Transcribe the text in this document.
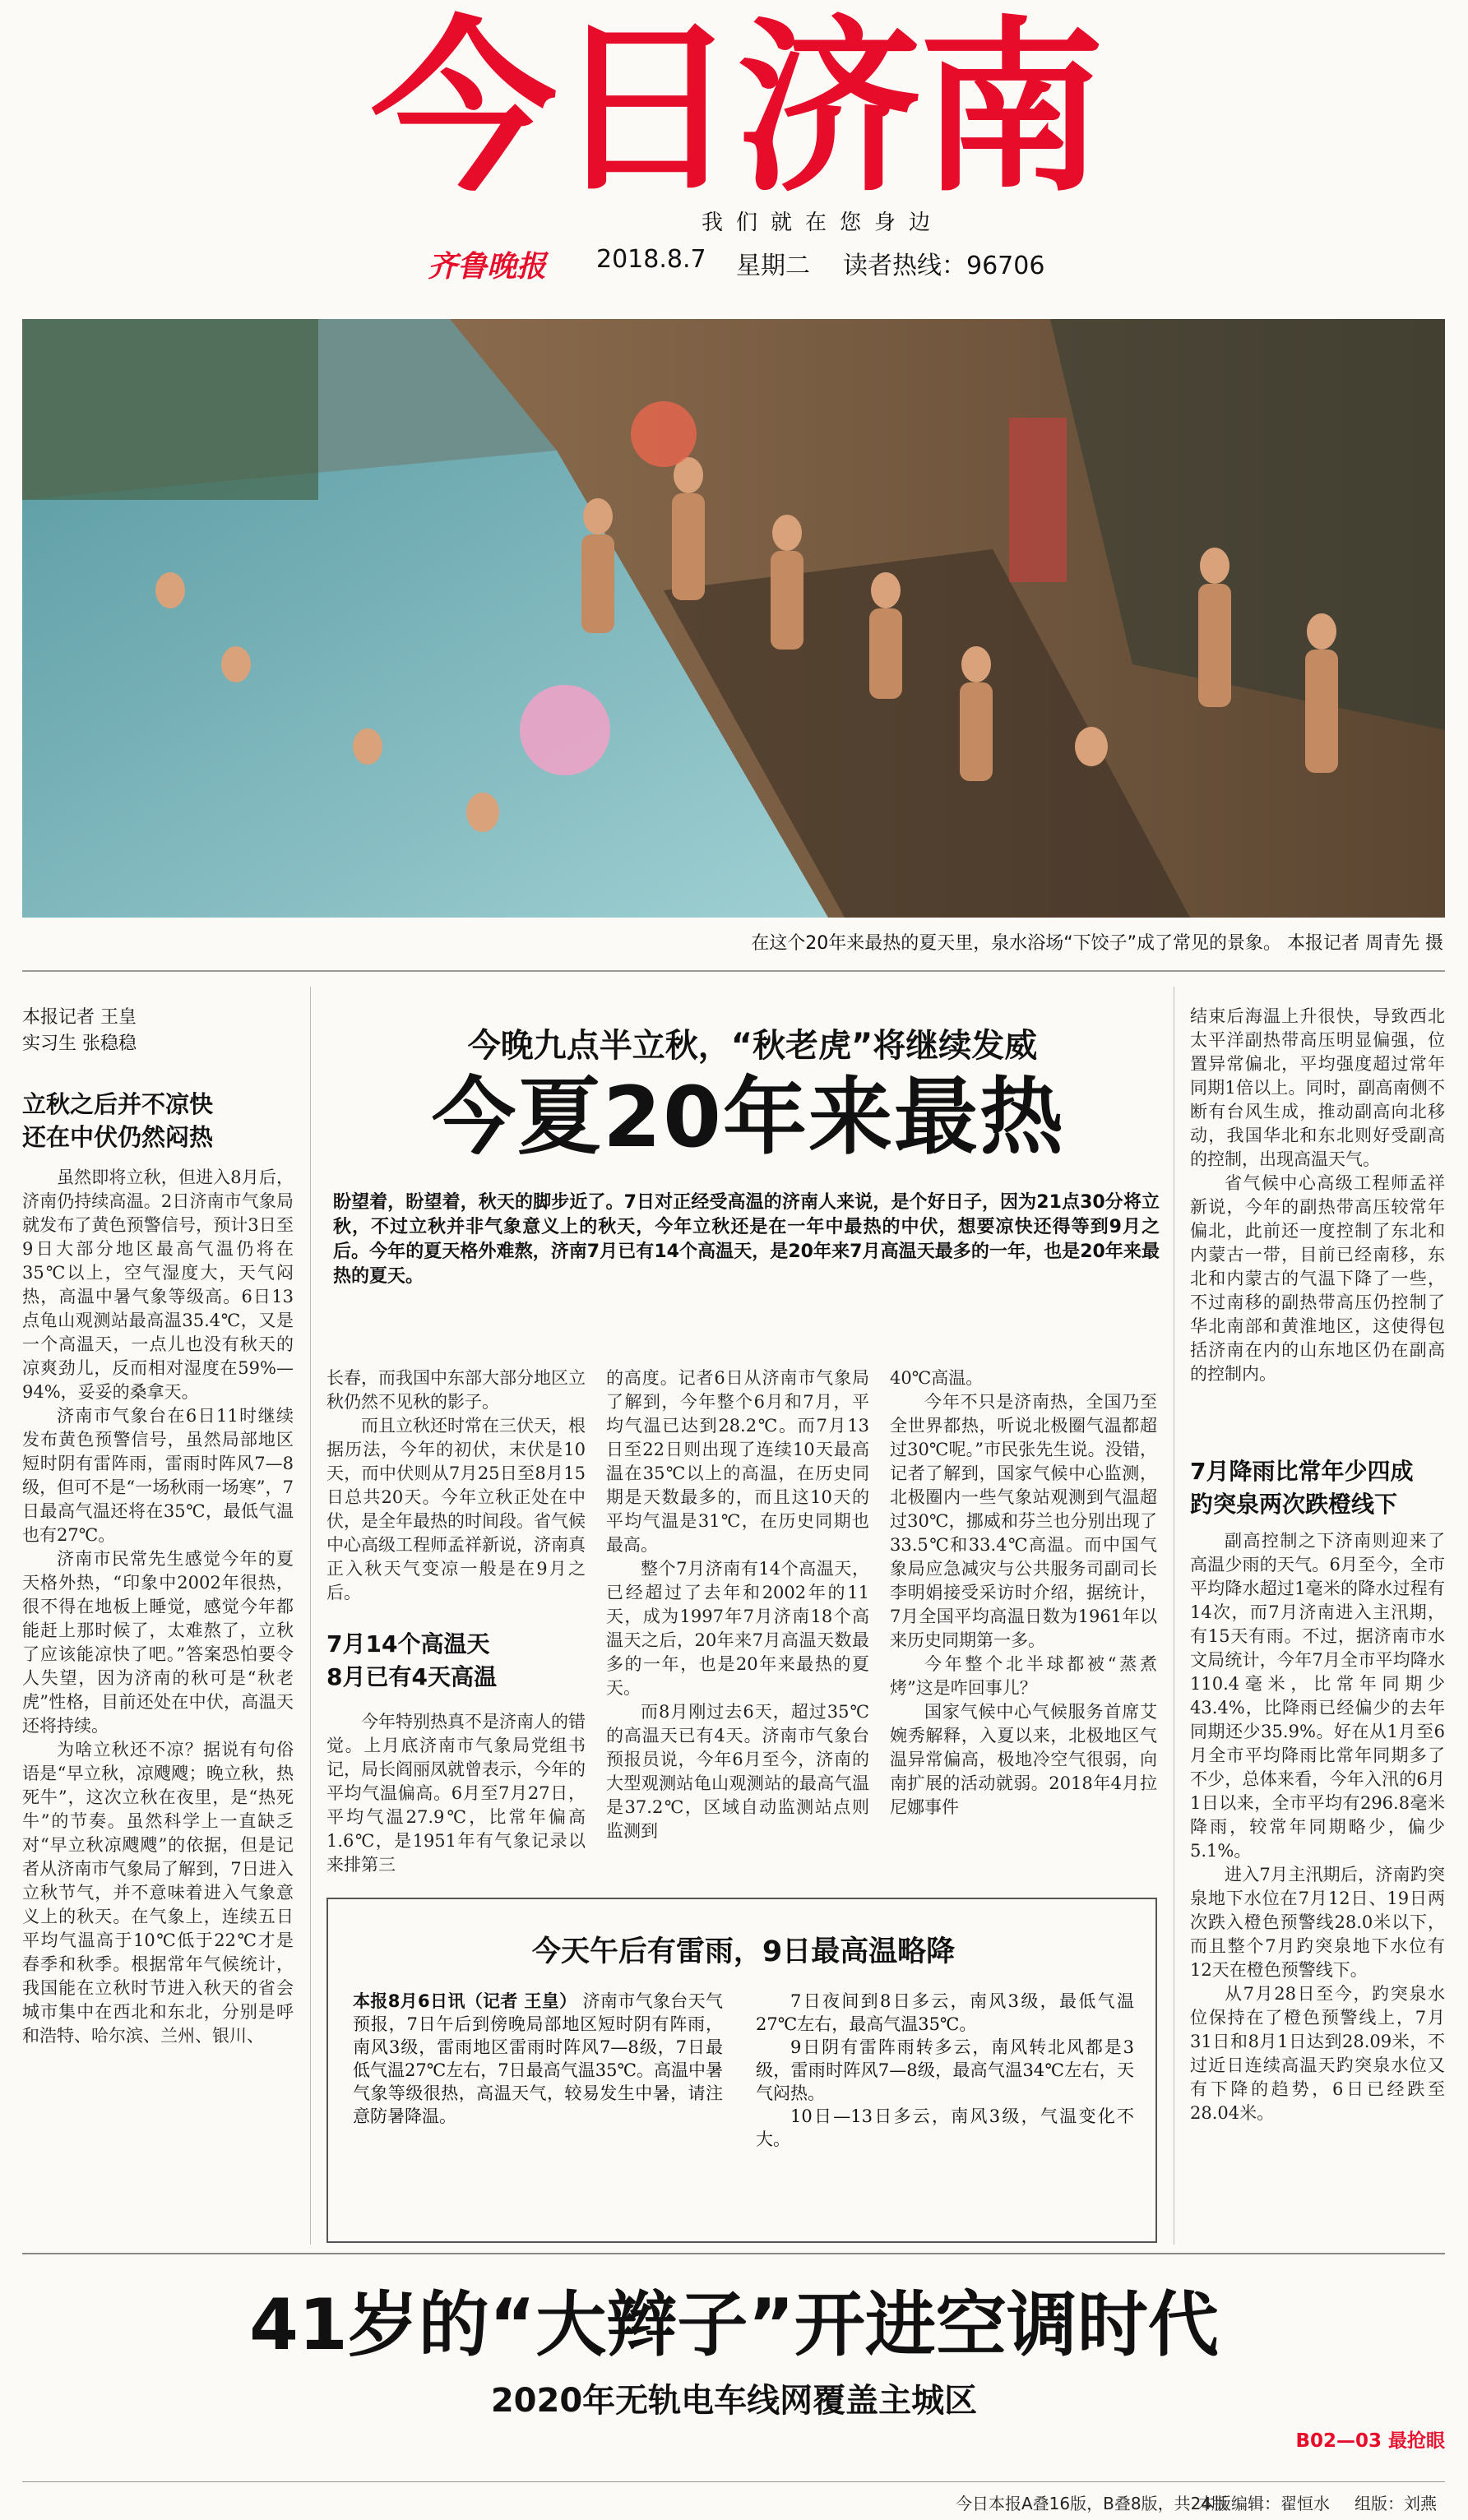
今日济南
我们就在您身边
齐鲁晚报 2018.8.7 星期二 读者热线：96706
在这个20年来最热的夏天里，泉水浴场“下饺子”成了常见的景象。 本报记者 周青先 摄
本报记者 王皇
实习生 张稳稳
立秋之后并不凉快
还在中伏仍然闷热

虽然即将立秋，但进入8月后，济南仍持续高温。2日济南市气象局就发布了黄色预警信号，预计3日至9日大部分地区最高气温仍将在35℃以上，空气湿度大，天气闷热，高温中暑气象等级高。6日13点龟山观测站最高温35.4℃，又是一个高温天，一点儿也没有秋天的凉爽劲儿，反而相对湿度在59%—94%，妥妥的桑拿天。

济南市气象台在6日11时继续发布黄色预警信号，虽然局部地区短时阴有雷阵雨，雷雨时阵风7—8级，但可不是“一场秋雨一场寒”，7日最高气温还将在35℃，最低气温也有27℃。

济南市民常先生感觉今年的夏天格外热，“印象中2002年很热，很不得在地板上睡觉，感觉今年都能赶上那时候了，太难熬了，立秋了应该能凉快了吧。”答案恐怕要令人失望，因为济南的秋可是“秋老虎”性格，目前还处在中伏，高温天还将持续。

为啥立秋还不凉？据说有句俗语是“早立秋，凉飕飕；晚立秋，热死牛”，这次立秋在夜里，是“热死牛”的节奏。虽然科学上一直缺乏对“早立秋凉飕飕”的依据，但是记者从济南市气象局了解到，7日进入立秋节气，并不意味着进入气象意义上的秋天。在气象上，连续五日平均气温高于10℃低于22℃才是春季和秋季。根据常年气候统计，我国能在立秋时节进入秋天的省会城市集中在西北和东北，分别是呼和浩特、哈尔滨、兰州、银川、

今晚九点半立秋，“秋老虎”将继续发威
今夏20年来最热
盼望着，盼望着，秋天的脚步近了。7日对正经受高温的济南人来说，是个好日子，因为21点30分将立秋，不过立秋并非气象意义上的秋天，今年立秋还是在一年中最热的中伏，想要凉快还得等到9月之后。今年的夏天格外难熬，济南7月已有14个高温天，是20年来7月高温天最多的一年，也是20年来最热的夏天。

长春，而我国中东部大部分地区立秋仍然不见秋的影子。

而且立秋还时常在三伏天，根据历法，今年的初伏，末伏是10天，而中伏则从7月25日至8月15日总共20天。今年立秋正处在中伏，是全年最热的时间段。省气候中心高级工程师孟祥新说，济南真正入秋天气变凉一般是在9月之后。

7月14个高温天
8月已有4天高温

今年特别热真不是济南人的错觉。上月底济南市气象局党组书记，局长阎丽凤就曾表示，今年的平均气温偏高。6月至7月27日，平均气温27.9℃，比常年偏高1.6℃，是1951年有气象记录以来排第三

的高度。记者6日从济南市气象局了解到，今年整个6月和7月，平均气温已达到28.2℃。而7月13日至22日则出现了连续10天最高温在35℃以上的高温，在历史同期是天数最多的，而且这10天的平均气温是31℃，在历史同期也最高。

整个7月济南有14个高温天，已经超过了去年和2002年的11天，成为1997年7月济南18个高温天之后，20年来7月高温天数最多的一年，也是20年来最热的夏天。

而8月刚过去6天，超过35℃的高温天已有4天。济南市气象台预报员说，今年6月至今，济南的大型观测站龟山观测站的最高气温是37.2℃，区域自动监测站点则监测到

40℃高温。

今年不只是济南热，全国乃至全世界都热，听说北极圈气温都超过30℃呢。”市民张先生说。没错，记者了解到，国家气候中心监测，北极圈内一些气象站观测到气温超过30℃，挪威和芬兰也分别出现了33.5℃和33.4℃高温。而中国气象局应急减灾与公共服务司副司长李明娟接受采访时介绍，据统计，7月全国平均高温日数为1961年以来历史同期第一多。

今年整个北半球都被“蒸煮烤”这是咋回事儿？

国家气候中心气候服务首席艾婉秀解释，入夏以来，北极地区气温异常偏高，极地冷空气很弱，向南扩展的活动就弱。2018年4月拉尼娜事件

结束后海温上升很快，导致西北太平洋副热带高压明显偏强，位置异常偏北，平均强度超过常年同期1倍以上。同时，副高南侧不断有台风生成，推动副高向北移动，我国华北和东北则好受副高的控制，出现高温天气。

省气候中心高级工程师孟祥新说，今年的副热带高压较常年偏北，此前还一度控制了东北和内蒙古一带，目前已经南移，东北和内蒙古的气温下降了一些，不过南移的副热带高压仍控制了华北南部和黄淮地区，这使得包括济南在内的山东地区仍在副高的控制内。

7月降雨比常年少四成
趵突泉两次跌橙线下

副高控制之下济南则迎来了高温少雨的天气。6月至今，全市平均降水超过1毫米的降水过程有14次，而7月济南进入主汛期，有15天有雨。不过，据济南市水文局统计，今年7月全市平均降水110.4毫米，比常年同期少43.4%，比降雨已经偏少的去年同期还少35.9%。好在从1月至6月全市平均降雨比常年同期多了不少，总体来看，今年入汛的6月1日以来，全市平均有296.8毫米降雨，较常年同期略少，偏少5.1%。

进入7月主汛期后，济南趵突泉地下水位在7月12日、19日两次跌入橙色预警线28.0米以下，而且整个7月趵突泉地下水位有12天在橙色预警线下。

从7月28日至今，趵突泉水位保持在了橙色预警线上，7月31日和8月1日达到28.09米，不过近日连续高温天趵突泉水位又有下降的趋势，6日已经跌至28.04米。

今天午后有雷雨，9日最高温略降
本报8月6日讯（记者 王皇） 济南市气象台天气预报，7日午后到傍晚局部地区短时阴有阵雨，南风3级，雷雨地区雷雨时阵风7—8级，7日最低气温27℃左右，7日最高气温35℃。高温中暑气象等级很热，高温天气，较易发生中暑，请注意防暑降温。

7日夜间到8日多云，南风3级，最低气温27℃左右，最高气温35℃。

9日阴有雷阵雨转多云，南风转北风都是3级，雷雨时阵风7—8级，最高气温34℃左右，天气闷热。

10日—13日多云，南风3级，气温变化不大。

41岁的“大辫子”开进空调时代
2020年无轨电车线网覆盖主城区
B02—03 最抢眼
今日本报A叠16版，B叠8版，共24版
本版编辑：翟恒水 组版：刘燕
